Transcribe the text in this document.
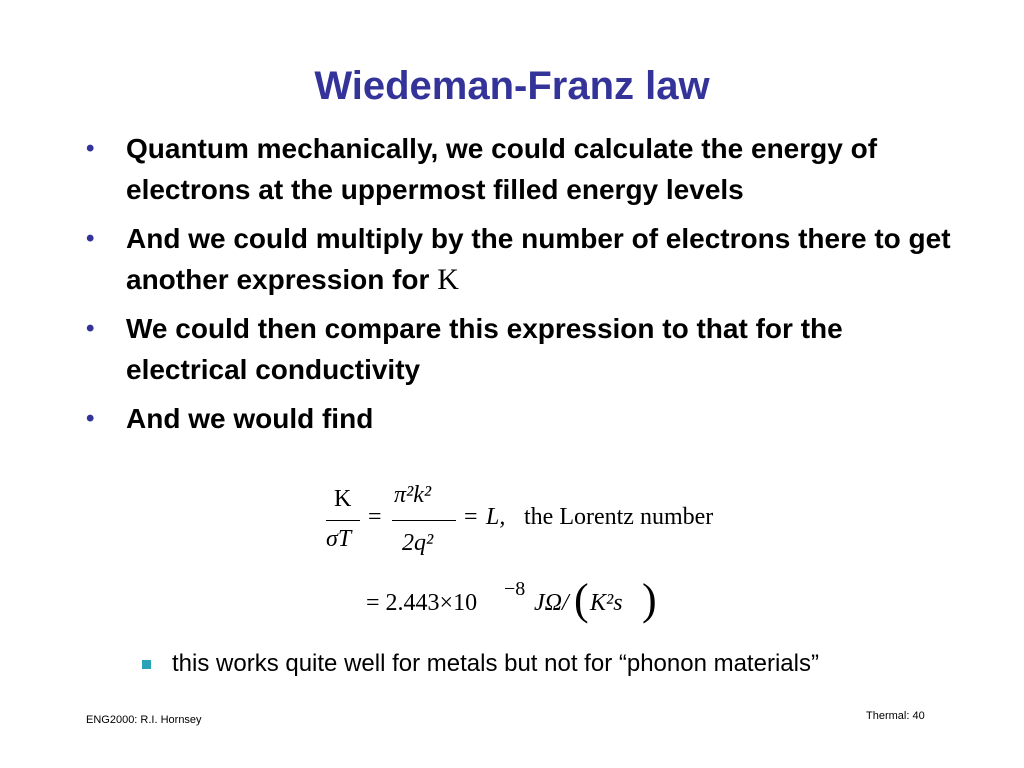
Wiedeman-Franz law
• Quantum mechanically, we could calculate the energy of electrons at the uppermost filled energy levels
• And we could multiply by the number of electrons there to get another expression for K
• We could then compare this expression to that for the electrical conductivity
• And we would find
K
σT
=
π²k²
2q²
= L, the Lorentz number
= 2.443×10
−8
JΩ/ ( K²s )
this works quite well for metals but not for “phonon materials”
ENG2000: R.I. Hornsey	Thermal: 40
